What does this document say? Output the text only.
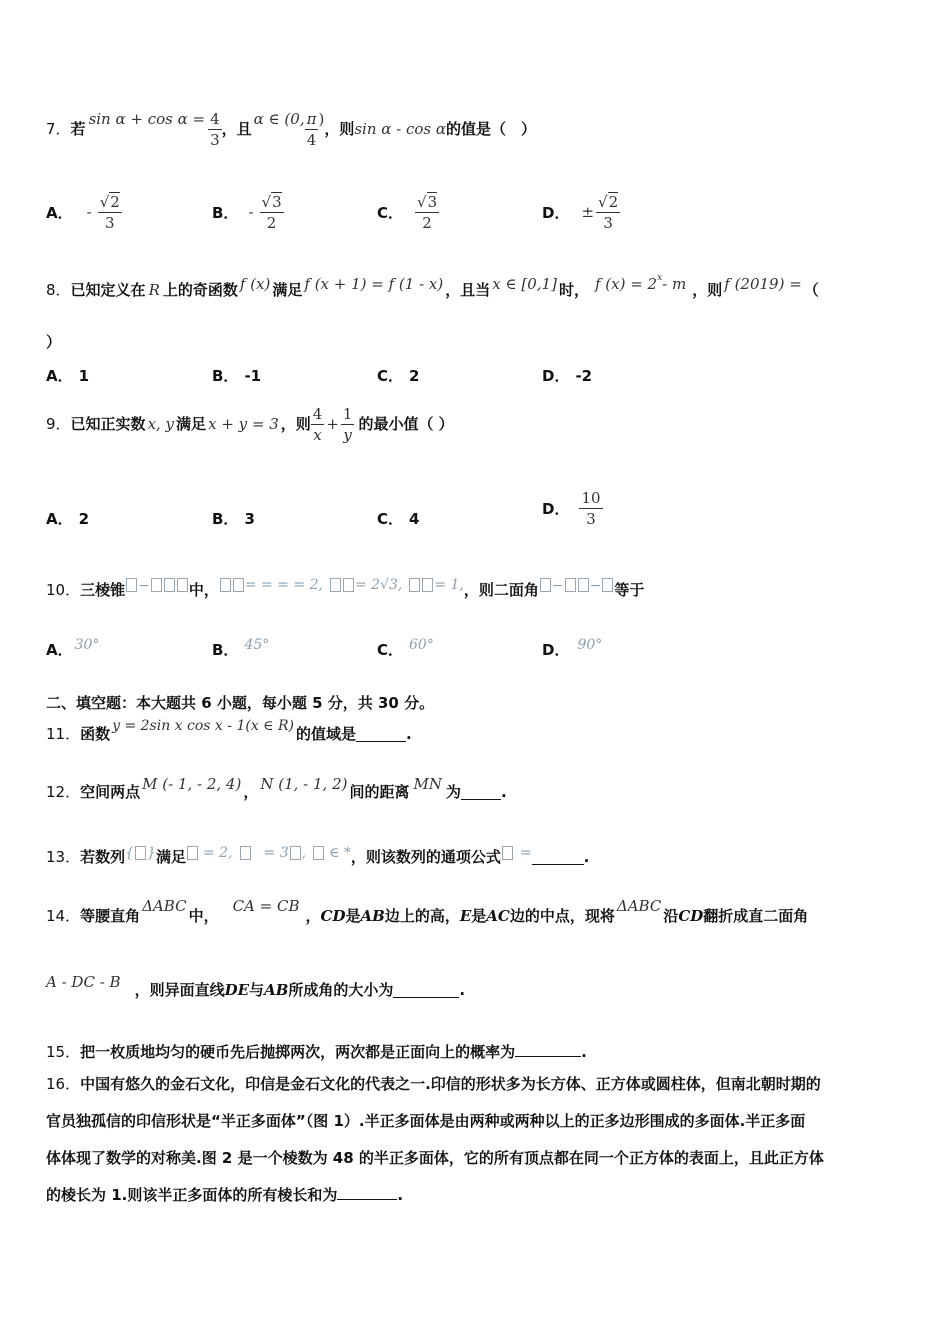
7． 若
$\sin \alpha + \cos \alpha = \frac{4}{3}$ ，且
α ∈ (0, $\frac{\pi}{4}$ )
，则 sin α - cos α 的值是（　）
A． - $\frac{√2}{3}$	B． - $\frac{√3}{2}$	C． $\frac{√3}{2}$	D． ± $\frac{√2}{3}$
8． 已知定义在 R 上的奇函数 f (x) 满足 f (x + 1) = f (1 - x) ，且当 x ∈ [0,1] 时， f (x) = 2 x - m ，则 f (2019) = （
）
A． 1	B． -1	C． 2	D． -2
9． 已知正实数 x, y 满足 x + y = 3 ，则 $\frac{4}{x} + \frac{1}{y}$ 的最小值（ ）
A． 2	B． 3	C． 4
D． $\frac{10}{3}$
10． 三棱锥 −	中， = = = = 2, = 2√3, = 1, ，则二面角 − − 等于
A． 30°	B． 45°	C． 60°	D． 90°
二、填空题：本大题共 6 小题，每小题 5 分，共 30 分。
11． 函数 y = 2sin x cos x - 1(x ∈ R) 的值域是	.
12． 空间两点 M (- 1, - 2, 4) ， N (1, - 1, 2) 间的距离 MN 为	.
13． 若数列 { } 满足 = 2, = 3 , ∈ * ，则该数列的通项公式 =	.
14． 等腰直角
ΔABC
中，
CA = CB
， CD 是 AB 边上的高， E 是 AC 边的中点，现将
ΔABC
沿 CD 翻折成直二面角
A - DC - B ，则异面直线 DE 与 AB 所成角的大小为	.
15．把一枚质地均匀的硬币先后抛掷两次，两次都是正面向上的概率为	.
16．中国有悠久的金石文化，印信是金石文化的代表之一.印信的形状多为长方体、正方体或圆柱体，但南北朝时期的
官员独孤信的印信形状是“半正多面体”（图 1）.半正多面体是由两种或两种以上的正多边形围成的多面体.半正多面
体体现了数学的对称美.图 2 是一个棱数为 48 的半正多面体，它的所有顶点都在同一个正方体的表面上，且此正方体
的棱长为 1.则该半正多面体的所有棱长和为	.
